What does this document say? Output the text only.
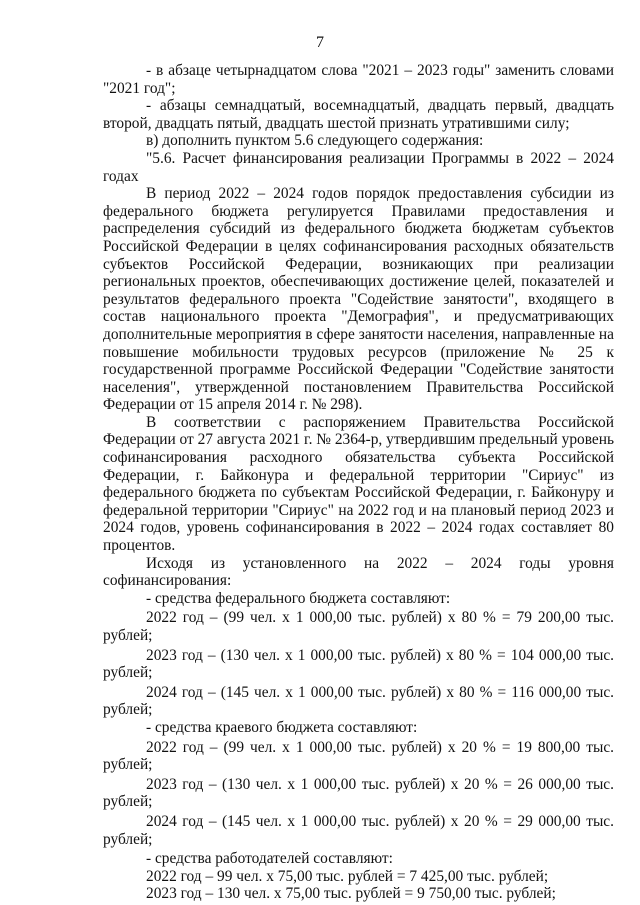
7

- в абзаце четырнадцатом слова "2021 – 2023 годы" заменить словами "2021 год";

- абзацы семнадцатый, восемнадцатый, двадцать первый, двадцать второй, двадцать пятый, двадцать шестой признать утратившими силу;

в) дополнить пунктом 5.6 следующего содержания:

"5.6. Расчет финансирования реализации Программы в 2022 – 2024 годах

В период 2022 – 2024 годов порядок предоставления субсидии из федерального бюджета регулируется Правилами предоставления и распределения субсидий из федерального бюджета бюджетам субъектов Российской Федерации в целях софинансирования расходных обязательств субъектов Российской Федерации, возникающих при реализации региональных проектов, обеспечивающих достижение целей, показателей и результатов федерального проекта "Содействие занятости", входящего в состав национального проекта "Демография", и предусматривающих дополнительные мероприятия в сфере занятости населения, направленные на повышение мобильности трудовых ресурсов (приложение № 25 к государственной программе Российской Федерации "Содействие занятости населения", утвержденной постановлением Правительства Российской Федерации от 15 апреля 2014 г. № 298).

В соответствии с распоряжением Правительства Российской Федерации от 27 августа 2021 г. № 2364-р, утвердившим предельный уровень софинансирования расходного обязательства субъекта Российской Федерации, г. Байконура и федеральной территории "Сириус" из федерального бюджета по субъектам Российской Федерации, г. Байконуру и федеральной территории "Сириус" на 2022 год и на плановый период 2023 и 2024 годов, уровень софинансирования в 2022 – 2024 годах составляет 80 процентов.

Исходя из установленного на 2022 – 2024 годы уровня софинансирования:

- средства федерального бюджета составляют:

2022 год – (99 чел. х 1 000,00 тыс. рублей) х 80 % = 79 200,00 тыс.

рублей;

2023 год – (130 чел. х 1 000,00 тыс. рублей) х 80 % = 104 000,00 тыс.

рублей;

2024 год – (145 чел. х 1 000,00 тыс. рублей) х 80 % = 116 000,00 тыс.

рублей;

- средства краевого бюджета составляют:

2022 год – (99 чел. х 1 000,00 тыс. рублей) х 20 % = 19 800,00 тыс.

рублей;

2023 год – (130 чел. х 1 000,00 тыс. рублей) х 20 % = 26 000,00 тыс.

рублей;

2024 год – (145 чел. х 1 000,00 тыс. рублей) х 20 % = 29 000,00 тыс.

рублей;

- средства работодателей составляют:

2022 год – 99 чел. х 75,00 тыс. рублей = 7 425,00 тыс. рублей;

2023 год – 130 чел. х 75,00 тыс. рублей = 9 750,00 тыс. рублей;
